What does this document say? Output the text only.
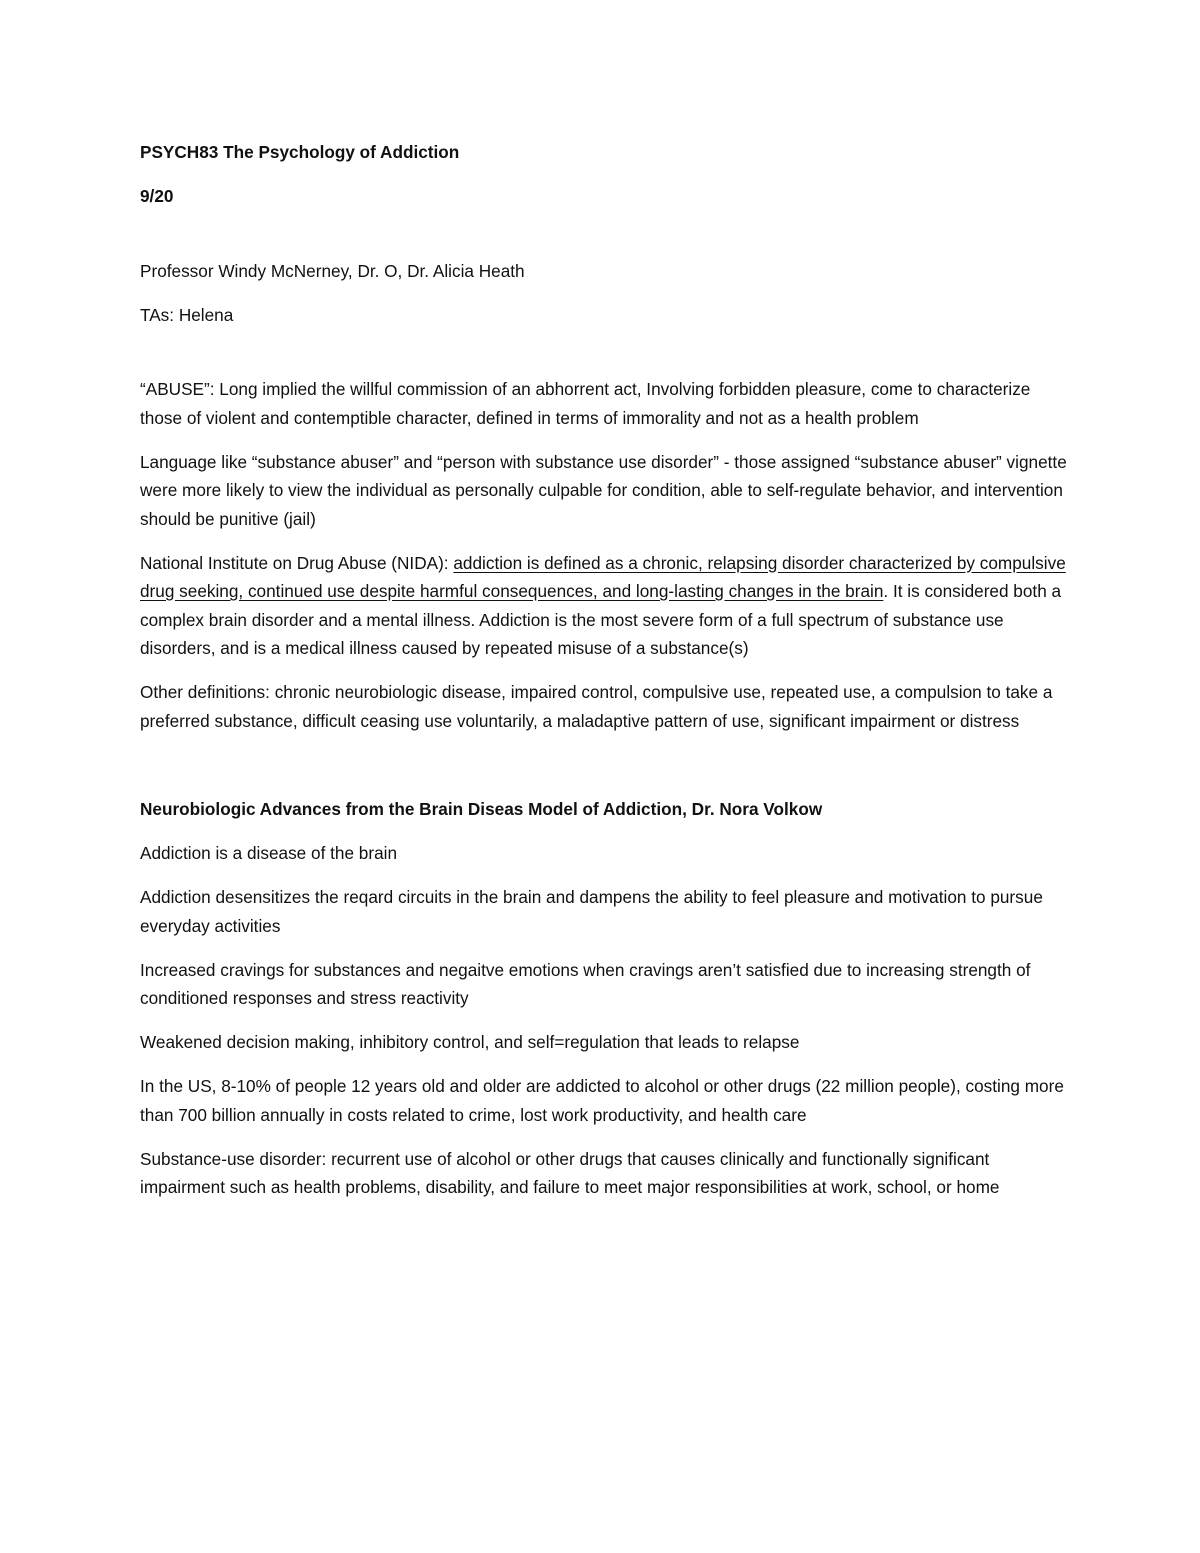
PSYCH83 The Psychology of Addiction

9/20

Professor Windy McNerney, Dr. O, Dr. Alicia Heath

TAs: Helena

“ABUSE”: Long implied the willful commission of an abhorrent act, Involving forbidden pleasure, come to characterize those of violent and contemptible character, defined in terms of immorality and not as a health problem

Language like “substance abuser” and “person with substance use disorder” - those assigned “substance abuser” vignette were more likely to view the individual as personally culpable for condition, able to self-regulate behavior, and intervention should be punitive (jail)

National Institute on Drug Abuse (NIDA): addiction is defined as a chronic, relapsing disorder characterized by compulsive drug seeking, continued use despite harmful consequences, and long-lasting changes in the brain. It is considered both a complex brain disorder and a mental illness. Addiction is the most severe form of a full spectrum of substance use disorders, and is a medical illness caused by repeated misuse of a substance(s)

Other definitions: chronic neurobiologic disease, impaired control, compulsive use, repeated use, a compulsion to take a preferred substance, difficult ceasing use voluntarily, a maladaptive pattern of use, significant impairment or distress

Neurobiologic Advances from the Brain Diseas Model of Addiction, Dr. Nora Volkow

Addiction is a disease of the brain

Addiction desensitizes the reqard circuits in the brain and dampens the ability to feel pleasure and motivation to pursue everyday activities

Increased cravings for substances and negaitve emotions when cravings aren’t satisfied due to increasing strength of conditioned responses and stress reactivity

Weakened decision making, inhibitory control, and self=regulation that leads to relapse

In the US, 8-10% of people 12 years old and older are addicted to alcohol or other drugs (22 million people), costing more than 700 billion annually in costs related to crime, lost work productivity, and health care

Substance-use disorder: recurrent use of alcohol or other drugs that causes clinically and functionally significant impairment such as health problems, disability, and failure to meet major responsibilities at work, school, or home
